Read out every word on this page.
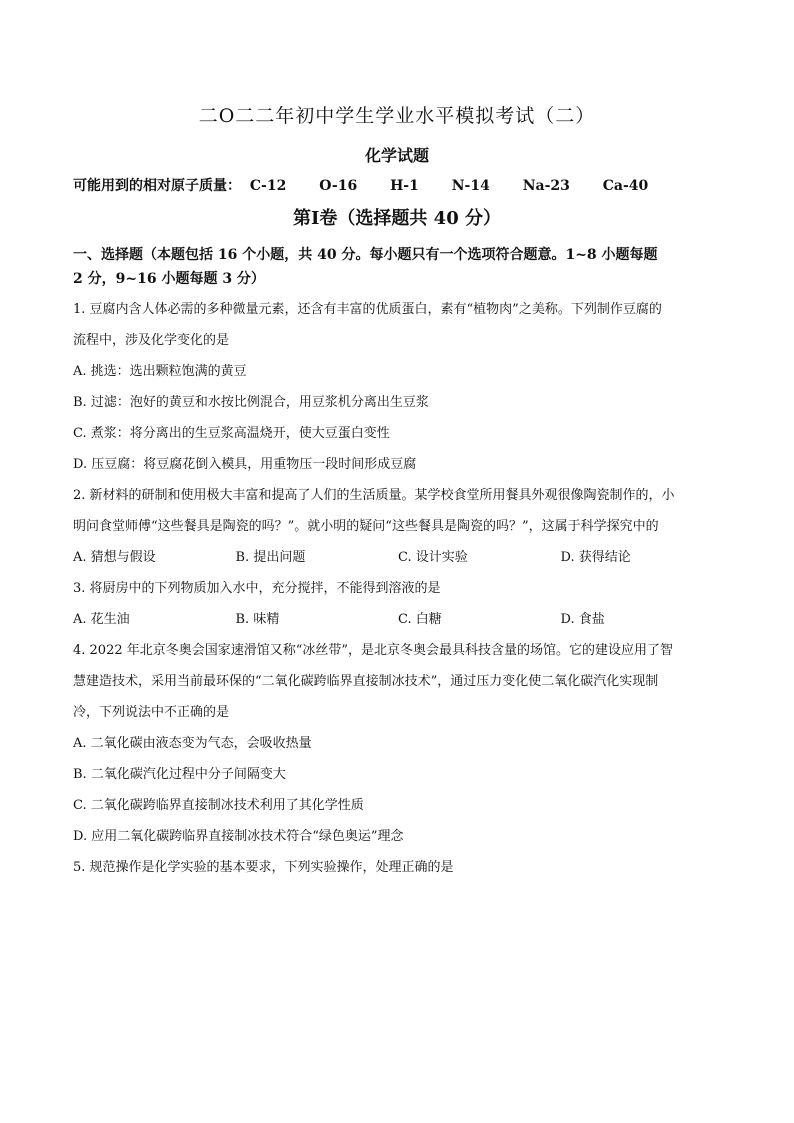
二O二二年初中学生学业水平模拟考试（二）
化学试题
可能用到的相对原子质量： C-12 O-16 H-1 N-14 Na-23 Ca-40
第Ⅰ卷（选择题共 40 分）
一、选择题（本题包括 16 个小题，共 40 分。每小题只有一个选项符合题意。1~8 小题每题
2 分，9~16 小题每题 3 分）
1. 豆腐内含人体必需的多种微量元素，还含有丰富的优质蛋白，素有“植物肉”之美称。下列制作豆腐的
流程中，涉及化学变化的是
A. 挑选：选出颗粒饱满的黄豆
B. 过滤：泡好的黄豆和水按比例混合，用豆浆机分离出生豆浆
C. 煮浆：将分离出的生豆浆高温烧开，使大豆蛋白变性
D. 压豆腐：将豆腐花倒入模具，用重物压一段时间形成豆腐
2. 新材料的研制和使用极大丰富和提高了人们的生活质量。某学校食堂所用餐具外观很像陶瓷制作的，小
明问食堂师傅“这些餐具是陶瓷的吗？”。就小明的疑问“这些餐具是陶瓷的吗？”，这属于科学探究中的
A. 猜想与假设	B. 提出问题	C. 设计实验	D. 获得结论
3. 将厨房中的下列物质加入水中，充分搅拌，不能得到溶液的是
A. 花生油	B. 味精	C. 白糖	D. 食盐
4. 2022 年北京冬奥会国家速滑馆又称“冰丝带”，是北京冬奥会最具科技含量的场馆。它的建设应用了智
慧建造技术，采用当前最环保的“二氧化碳跨临界直接制冰技术”，通过压力变化使二氧化碳汽化实现制
冷，下列说法中不正确的是
A. 二氧化碳由液态变为气态，会吸收热量
B. 二氧化碳汽化过程中分子间隔变大
C. 二氧化碳跨临界直接制冰技术利用了其化学性质
D. 应用二氧化碳跨临界直接制冰技术符合“绿色奥运”理念
5. 规范操作是化学实验的基本要求，下列实验操作，处理正确的是
